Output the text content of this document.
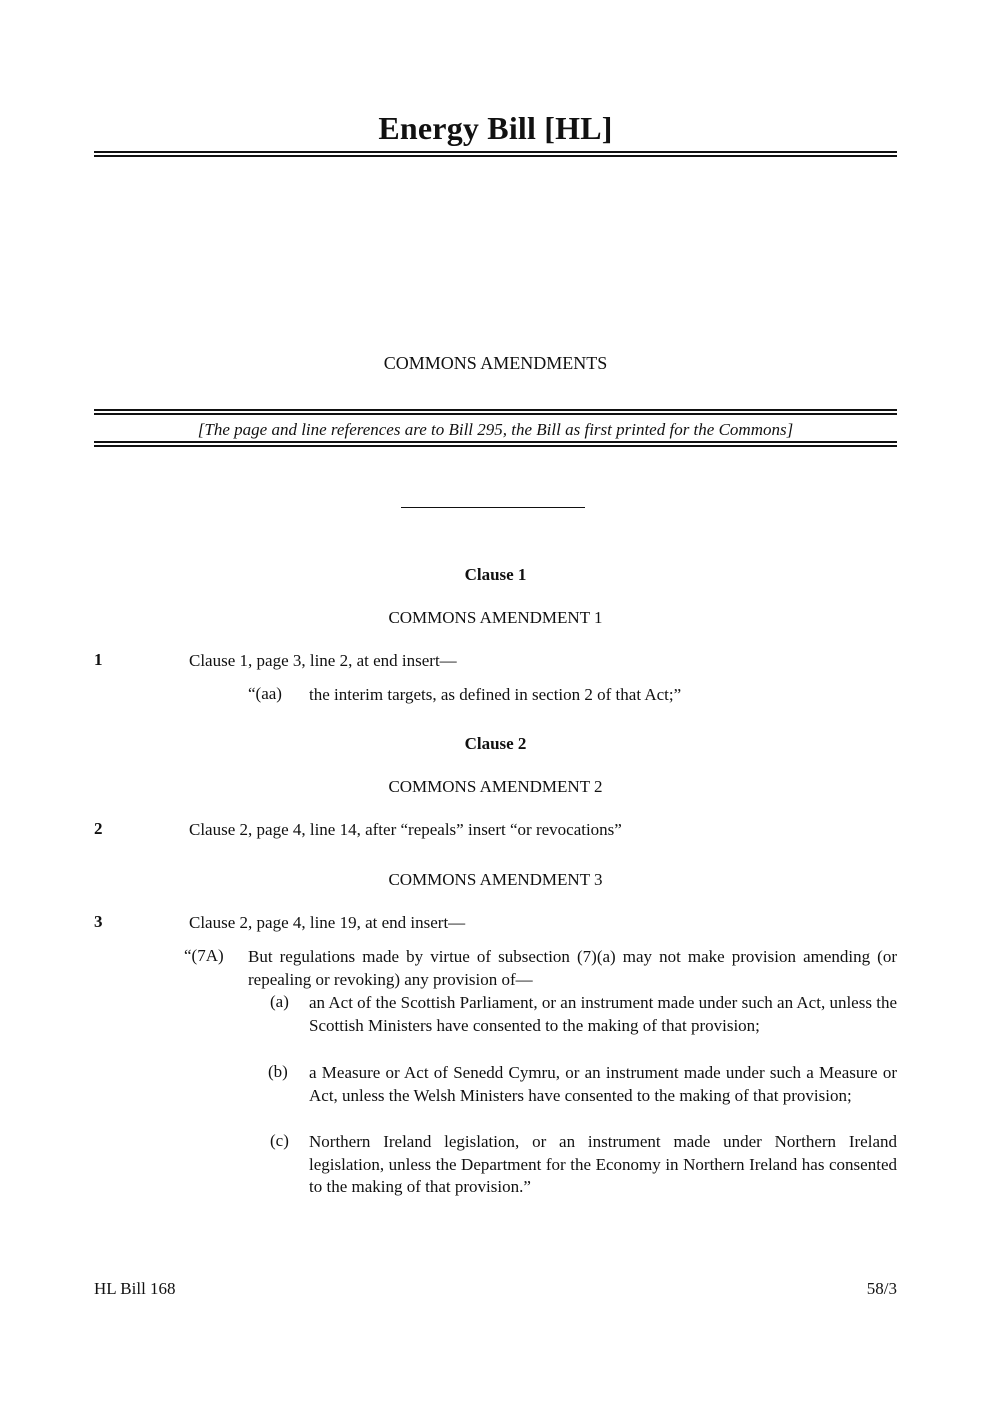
Energy Bill [HL]
COMMONS AMENDMENTS
[The page and line references are to Bill 295, the Bill as first printed for the Commons]
Clause 1
COMMONS AMENDMENT 1
1	Clause 1, page 3, line 2, at end insert—
“(aa) the interim targets, as defined in section 2 of that Act;”
Clause 2
COMMONS AMENDMENT 2
2	Clause 2, page 4, line 14, after “repeals” insert “or revocations”
COMMONS AMENDMENT 3
3	Clause 2, page 4, line 19, at end insert—
“(7A) But regulations made by virtue of subsection (7)(a) may not make provision amending (or repealing or revoking) any provision of—
(a) an Act of the Scottish Parliament, or an instrument made under such an Act, unless the Scottish Ministers have consented to the making of that provision;
(b) a Measure or Act of Senedd Cymru, or an instrument made under such a Measure or Act, unless the Welsh Ministers have consented to the making of that provision;
(c) Northern Ireland legislation, or an instrument made under Northern Ireland legislation, unless the Department for the Economy in Northern Ireland has consented to the making of that provision.”
HL Bill 168	58/3
